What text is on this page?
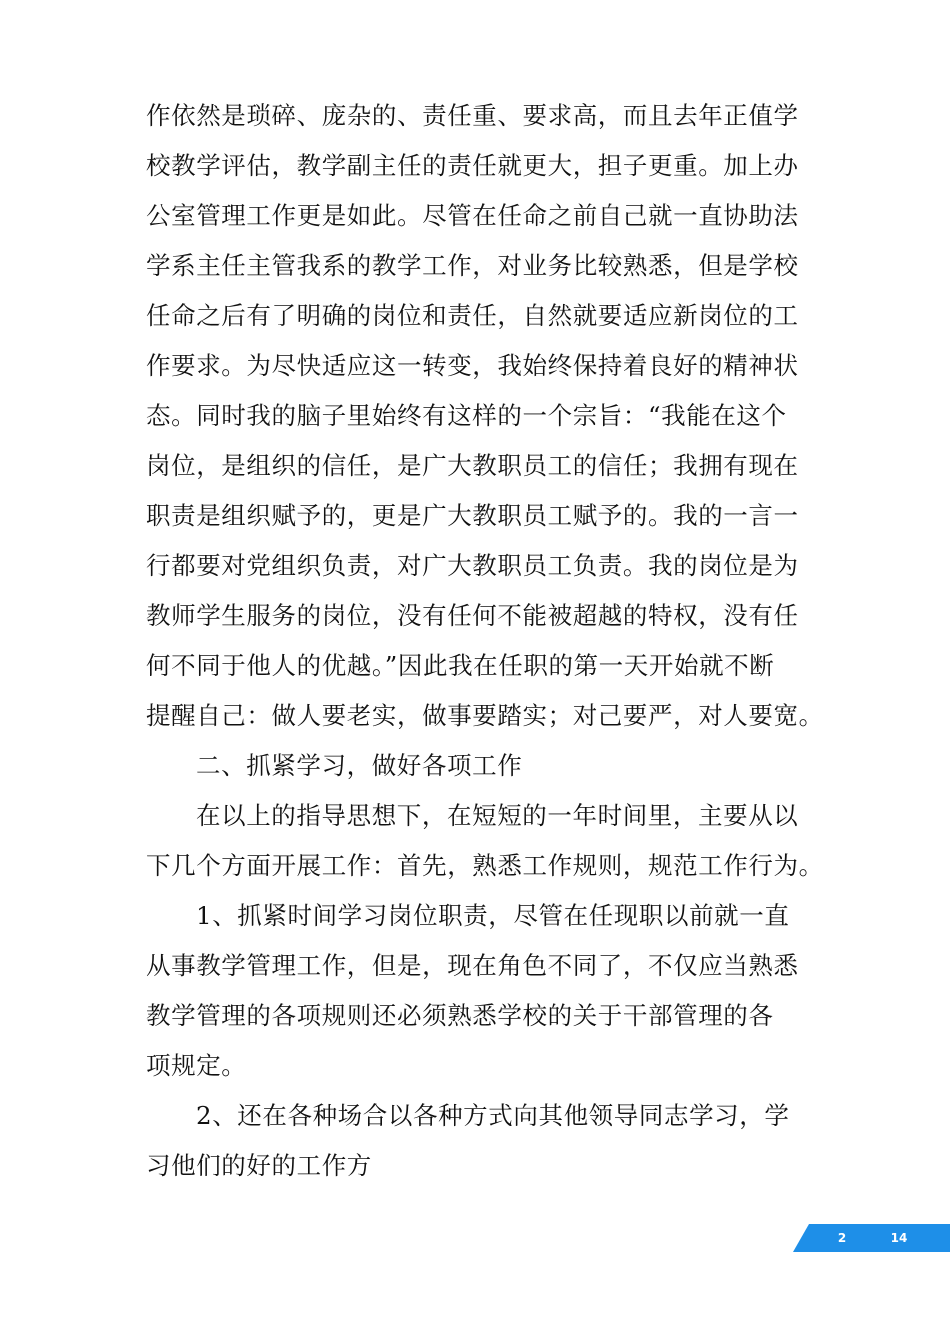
作依然是琐碎、庞杂的、责任重、要求高，而且去年正值学
校教学评估，教学副主任的责任就更大，担子更重。加上办
公室管理工作更是如此。尽管在任命之前自己就一直协助法
学系主任主管我系的教学工作，对业务比较熟悉，但是学校
任命之后有了明确的岗位和责任，自然就要适应新岗位的工
作要求。为尽快适应这一转变，我始终保持着良好的精神状
态。同时我的脑子里始终有这样的一个宗旨：“我能在这个
岗位，是组织的信任，是广大教职员工的信任；我拥有现在
职责是组织赋予的，更是广大教职员工赋予的。我的一言一
行都要对党组织负责，对广大教职员工负责。我的岗位是为
教师学生服务的岗位，没有任何不能被超越的特权，没有任
何不同于他人的优越。”因此我在任职的第一天开始就不断
提醒自己：做人要老实，做事要踏实；对己要严，对人要宽。
二、抓紧学习，做好各项工作
在以上的指导思想下，在短短的一年时间里，主要从以
下几个方面开展工作：首先，熟悉工作规则，规范工作行为。
1、抓紧时间学习岗位职责，尽管在任现职以前就一直
从事教学管理工作，但是，现在角色不同了，不仅应当熟悉
教学管理的各项规则还必须熟悉学校的关于干部管理的各
项规定。
2、还在各种场合以各种方式向其他领导同志学习，学
习他们的好的工作方
2	14
